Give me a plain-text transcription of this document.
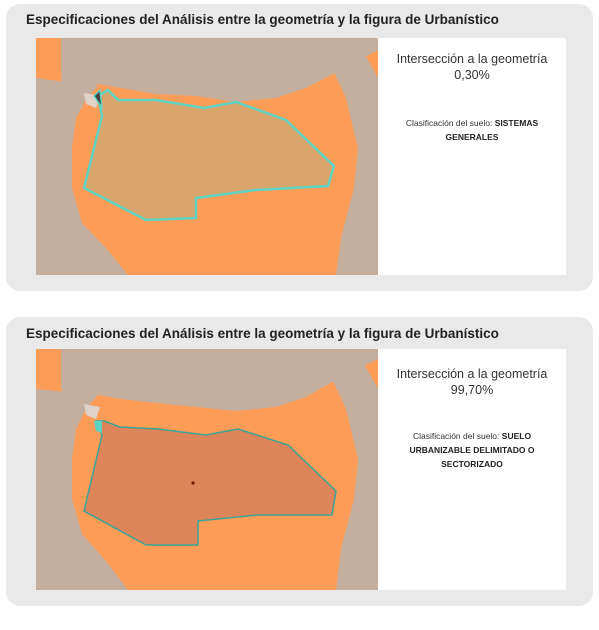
Especificaciones del Análisis entre la geometría y la figura de Urbanístico
Intersección a la geometría
0,30%
Clasificación del suelo: SISTEMAS GENERALES
Especificaciones del Análisis entre la geometría y la figura de Urbanístico
Intersección a la geometría
99,70%
Clasificación del suelo: SUELO URBANIZABLE DELIMITADO O SECTORIZADO
